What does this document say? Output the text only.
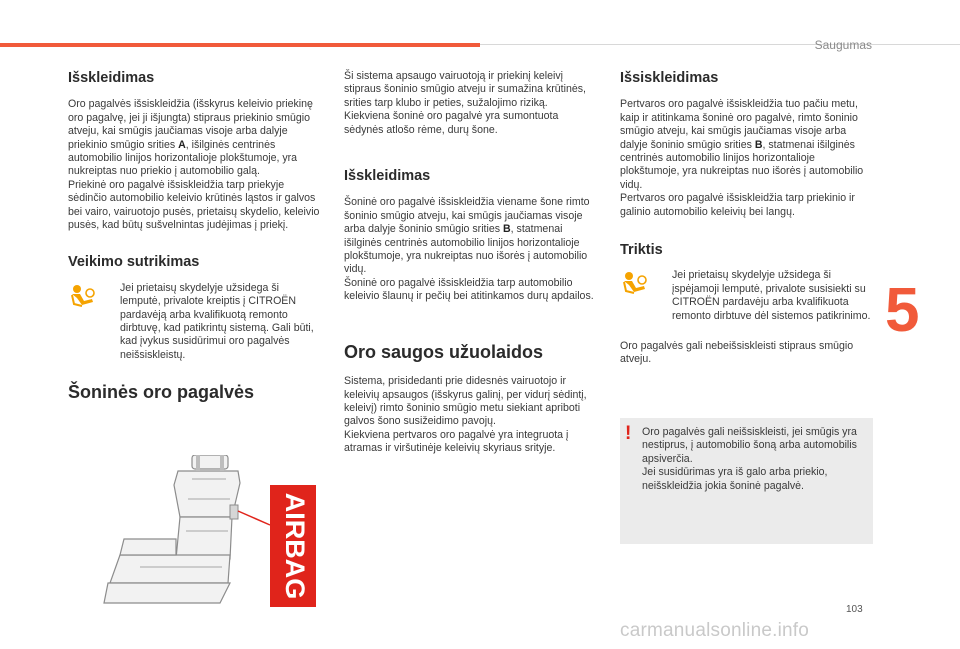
Saugumas
5
103
carmanualsonline.info
Išskleidimas

Oro pagalvės išsiskleidžia (išskyrus keleivio priekinę oro pagalvę, jei ji išjungta) stipraus priekinio smūgio atveju, kai smūgis jaučiamas visoje arba dalyje priekinio smūgio srities A, išilginės centrinės automobilio linijos horizontalioje plokštumoje, yra nukreiptas nuo priekio į automobilio galą.

Priekinė oro pagalvė išsiskleidžia tarp priekyje sėdinčio automobilio keleivio krūtinės ląstos ir galvos bei vairo, vairuotojo pusės, prietaisų skydelio, keleivio pusės, kad būtų sušvelnintas judėjimas į priekį.

Veikimo sutrikimas

Jei prietaisų skydelyje užsidega ši lemputė, privalote kreiptis į CITROËN pardavėją arba kvalifikuotą remonto dirbtuvę, kad patikrintų sistemą. Gali būti, kad įvykus susidūrimui oro pagalvės neišsiskleistų.

Šoninės oro pagalvės
AIRBAG

Ši sistema apsaugo vairuotoją ir priekinį keleivį stipraus šoninio smūgio atveju ir sumažina krūtinės, srities tarp klubo ir peties, sužalojimo riziką.

Kiekviena šoninė oro pagalvė yra sumontuota sėdynės atlošo rėme, durų šone.

Išskleidimas

Šoninė oro pagalvė išsiskleidžia viename šone rimto šoninio smūgio atveju, kai smūgis jaučiamas visoje arba dalyje šoninio smūgio srities B, statmenai išilginės centrinės automobilio linijos horizontalioje plokštumoje, yra nukreiptas nuo išorės į automobilio vidų.

Šoninė oro pagalvė išsiskleidžia tarp automobilio keleivio šlaunų ir pečių bei atitinkamos durų apdailos.

Oro saugos užuolaidos

Sistema, prisidedanti prie didesnės vairuotojo ir keleivių apsaugos (išskyrus galinį, per vidurį sėdintį, keleivį) rimto šoninio smūgio metu siekiant apriboti galvos šono susižeidimo pavojų.

Kiekviena pertvaros oro pagalvė yra integruota į atramas ir viršutinėje keleivių skyriaus srityje.

Išsiskleidimas

Pertvaros oro pagalvė išsiskleidžia tuo pačiu metu, kaip ir atitinkama šoninė oro pagalvė, rimto šoninio smūgio atveju, kai smūgis jaučiamas visoje arba dalyje šoninio smūgio srities B, statmenai išilginės centrinės automobilio linijos horizontalioje plokštumoje, yra nukreiptas nuo išorės į automobilio vidų.

Pertvaros oro pagalvė išsiskleidžia tarp priekinio ir galinio automobilio keleivių bei langų.

Triktis

Jei prietaisų skydelyje užsidega ši įspėjamoji lemputė, privalote susisiekti su CITROËN pardavėju arba kvalifikuota remonto dirbtuve dėl sistemos patikrinimo.

Oro pagalvės gali nebeišsiskleisti stipraus smūgio atveju.

! Oro pagalvės gali neišsiskleisti, jei smūgis yra nestiprus, į automobilio šoną arba automobilis apsiverčia.
Jei susidūrimas yra iš galo arba priekio, neišskleidžia jokia šoninė pagalvė.
